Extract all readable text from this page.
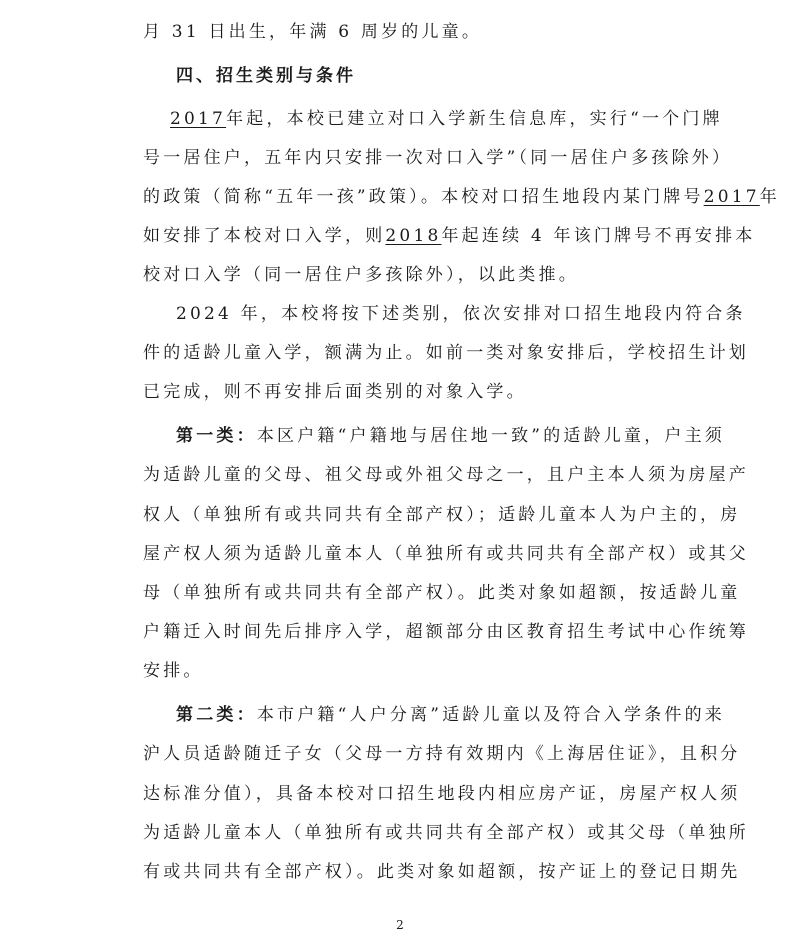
月 31 日出生，年满 6 周岁的儿童。
四、招生类别与条件
2017年起，本校已建立对口入学新生信息库，实行“一个门牌
号一居住户，五年内只安排一次对口入学”（同一居住户多孩除外）
的政策（简称“五年一孩”政策）。本校对口招生地段内某门牌号2017年
如安排了本校对口入学，则2018年起连续 4 年该门牌号不再安排本
校对口入学（同一居住户多孩除外），以此类推。
2024 年，本校将按下述类别，依次安排对口招生地段内符合条
件的适龄儿童入学，额满为止。如前一类对象安排后，学校招生计划
已完成，则不再安排后面类别的对象入学。
第一类：本区户籍“户籍地与居住地一致”的适龄儿童，户主须
为适龄儿童的父母、祖父母或外祖父母之一，且户主本人须为房屋产
权人（单独所有或共同共有全部产权）；适龄儿童本人为户主的，房
屋产权人须为适龄儿童本人（单独所有或共同共有全部产权）或其父
母（单独所有或共同共有全部产权）。此类对象如超额，按适龄儿童
户籍迁入时间先后排序入学，超额部分由区教育招生考试中心作统筹
安排。
第二类：本市户籍“人户分离”适龄儿童以及符合入学条件的来
沪人员适龄随迁子女（父母一方持有效期内《上海居住证》，且积分
达标准分值），具备本校对口招生地段内相应房产证，房屋产权人须
为适龄儿童本人（单独所有或共同共有全部产权）或其父母（单独所
有或共同共有全部产权）。此类对象如超额，按产证上的登记日期先
2
